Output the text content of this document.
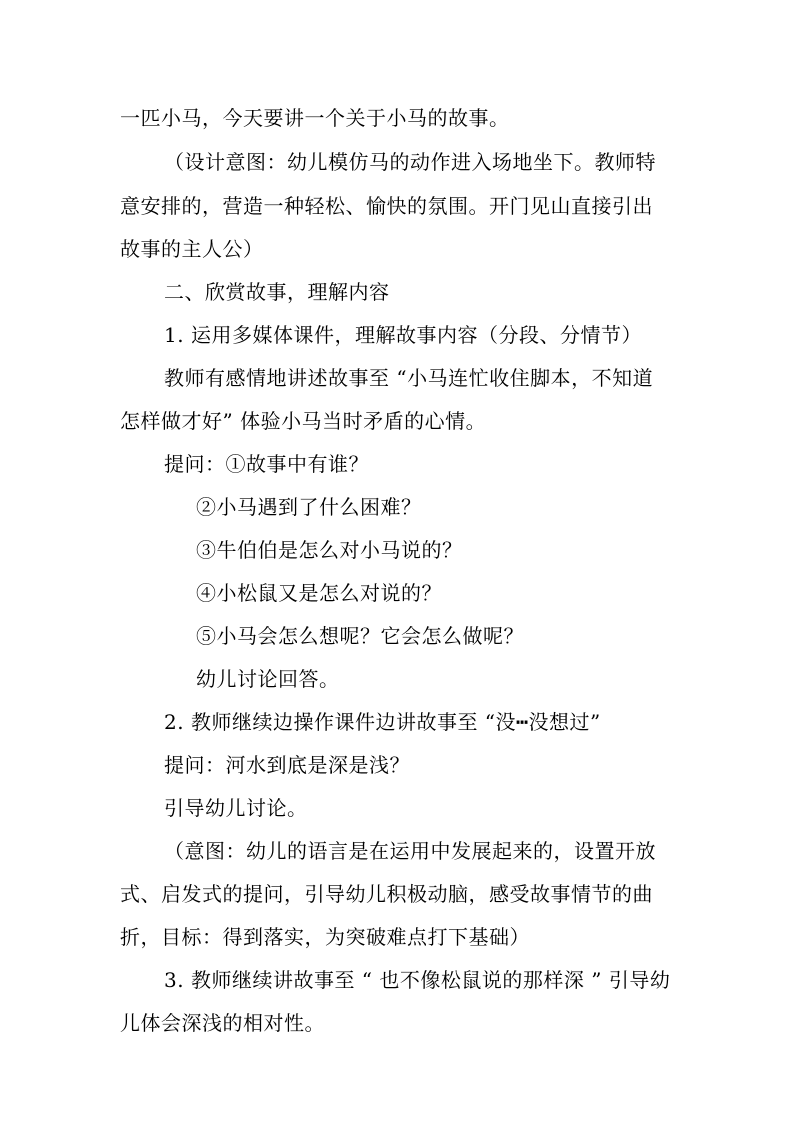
一匹小马，今天要讲一个关于小马的故事。
（设计意图：幼儿模仿马的动作进入场地坐下。教师特
意安排的，营造一种轻松、愉快的氛围。开门见山直接引出
故事的主人公）
二、欣赏故事，理解内容
1. 运用多媒体课件，理解故事内容（分段、分情节）
教师有感情地讲述故事至 “小马连忙收住脚本，不知道
怎样做才好” 体验小马当时矛盾的心情。
提问：①故事中有谁？
②小马遇到了什么困难？
③牛伯伯是怎么对小马说的？
④小松鼠又是怎么对说的？
⑤小马会怎么想呢？它会怎么做呢？
幼儿讨论回答。
2. 教师继续边操作课件边讲故事至 “没┅没想过”
提问：河水到底是深是浅？
引导幼儿讨论。
（意图：幼儿的语言是在运用中发展起来的，设置开放
式、启发式的提问，引导幼儿积极动脑，感受故事情节的曲
折，目标：得到落实，为突破难点打下基础）
3. 教师继续讲故事至 “ 也不像松鼠说的那样深 ” 引导幼
儿体会深浅的相对性。
